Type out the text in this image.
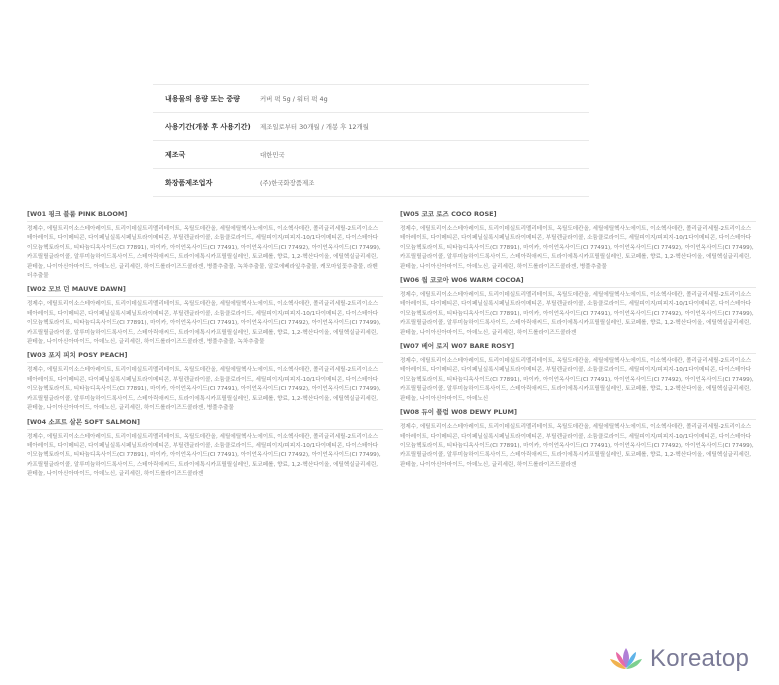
내용물의 용량 또는 중량	커버 퍽 5g / 워터 퍽 4g
사용기간(개봉 후 사용기간)	제조일로부터 30개월 / 개봉 후 12개월
제조국	대한민국
화장품제조업자	(주)한국화장품제조

[W01 핑크 블룸 PINK BLOOM]

정제수, 에틸트리이소스테아레이트, 트리이데실트리멜리테이트, 옥틸도데칸올, 세틸에틸헥사노에이트, 이소헥사데칸, 폴리글리세릴-2트리이소스테아레이트, 다이메티콘, 다이페닐실록시페닐트라이메티콘, 부틸렌글라이콜, 소듐클로라이드, 세틸피이지/피피지-10/1다이메티콘, 다이스테아다이모늄헥토라이트, 티타늄디옥사이드(CI 77891), 마이카, 아이언옥사이드(CI 77491), 아이언옥사이드(CI 77492), 아이언옥사이드(CI 77499), 카프릴릴글라이콜, 알루미늄하이드록사이드, 스테아릭애씨드, 트라이에톡시카프릴릴실레인, 토코페롤, 향료, 1,2-헥산다이올, 에틸헥실글리세린, 판테놀, 나이아신아마이드, 아데노신, 글리세린, 하이드롤라이즈드콜라겐, 병풀추출물, 녹차추출물, 알로에베라잎추출물, 캐모마일꽃추출물, 라벤더추출물

[W02 모브 던 MAUVE DAWN]

정제수, 에틸트리이소스테아레이트, 트리이데실트리멜리테이트, 옥틸도데칸올, 세틸에틸헥사노에이트, 이소헥사데칸, 폴리글리세릴-2트리이소스테아레이트, 다이메티콘, 다이페닐실록시페닐트라이메티콘, 부틸렌글라이콜, 소듐클로라이드, 세틸피이지/피피지-10/1다이메티콘, 다이스테아다이모늄헥토라이트, 티타늄디옥사이드(CI 77891), 마이카, 아이언옥사이드(CI 77491), 아이언옥사이드(CI 77492), 아이언옥사이드(CI 77499), 카프릴릴글라이콜, 알루미늄하이드록사이드, 스테아릭애씨드, 트라이에톡시카프릴릴실레인, 토코페롤, 향료, 1,2-헥산다이올, 에틸헥실글리세린, 판테놀, 나이아신아마이드, 아데노신, 글리세린, 하이드롤라이즈드콜라겐, 병풀추출물, 녹차추출물

[W03 포지 피치 POSY PEACH]

정제수, 에틸트리이소스테아레이트, 트리이데실트리멜리테이트, 옥틸도데칸올, 세틸에틸헥사노에이트, 이소헥사데칸, 폴리글리세릴-2트리이소스테아레이트, 다이메티콘, 다이페닐실록시페닐트라이메티콘, 부틸렌글라이콜, 소듐클로라이드, 세틸피이지/피피지-10/1다이메티콘, 다이스테아다이모늄헥토라이트, 티타늄디옥사이드(CI 77891), 마이카, 아이언옥사이드(CI 77491), 아이언옥사이드(CI 77492), 아이언옥사이드(CI 77499), 카프릴릴글라이콜, 알루미늄하이드록사이드, 스테아릭애씨드, 트라이에톡시카프릴릴실레인, 토코페롤, 향료, 1,2-헥산다이올, 에틸헥실글리세린, 판테놀, 나이아신아마이드, 아데노신, 글리세린, 하이드롤라이즈드콜라겐, 병풀추출물

[W04 소프트 살몬 SOFT SALMON]

정제수, 에틸트리이소스테아레이트, 트리이데실트리멜리테이트, 옥틸도데칸올, 세틸에틸헥사노에이트, 이소헥사데칸, 폴리글리세릴-2트리이소스테아레이트, 다이메티콘, 다이페닐실록시페닐트라이메티콘, 부틸렌글라이콜, 소듐클로라이드, 세틸피이지/피피지-10/1다이메티콘, 다이스테아다이모늄헥토라이트, 티타늄디옥사이드(CI 77891), 마이카, 아이언옥사이드(CI 77491), 아이언옥사이드(CI 77492), 아이언옥사이드(CI 77499), 카프릴릴글라이콜, 알루미늄하이드록사이드, 스테아릭애씨드, 트라이에톡시카프릴릴실레인, 토코페롤, 향료, 1,2-헥산다이올, 에틸헥실글리세린, 판테놀, 나이아신아마이드, 아데노신, 글리세린, 하이드롤라이즈드콜라겐

[W05 코코 로즈 COCO ROSE]

정제수, 에틸트리이소스테아레이트, 트리이데실트리멜리테이트, 옥틸도데칸올, 세틸에틸헥사노에이트, 이소헥사데칸, 폴리글리세릴-2트리이소스테아레이트, 다이메티콘, 다이페닐실록시페닐트라이메티콘, 부틸렌글라이콜, 소듐클로라이드, 세틸피이지/피피지-10/1다이메티콘, 다이스테아다이모늄헥토라이트, 티타늄디옥사이드(CI 77891), 마이카, 아이언옥사이드(CI 77491), 아이언옥사이드(CI 77492), 아이언옥사이드(CI 77499), 카프릴릴글라이콜, 알루미늄하이드록사이드, 스테아릭애씨드, 트라이에톡시카프릴릴실레인, 토코페롤, 향료, 1,2-헥산다이올, 에틸헥실글리세린, 판테놀, 나이아신아마이드, 아데노신, 글리세린, 하이드롤라이즈드콜라겐, 병풀추출물

[W06 웜 코코아 W06 WARM COCOA]

정제수, 에틸트리이소스테아레이트, 트리이데실트리멜리테이트, 옥틸도데칸올, 세틸에틸헥사노에이트, 이소헥사데칸, 폴리글리세릴-2트리이소스테아레이트, 다이메티콘, 다이페닐실록시페닐트라이메티콘, 부틸렌글라이콜, 소듐클로라이드, 세틸피이지/피피지-10/1다이메티콘, 다이스테아다이모늄헥토라이트, 티타늄디옥사이드(CI 77891), 마이카, 아이언옥사이드(CI 77491), 아이언옥사이드(CI 77492), 아이언옥사이드(CI 77499), 카프릴릴글라이콜, 알루미늄하이드록사이드, 스테아릭애씨드, 트라이에톡시카프릴릴실레인, 토코페롤, 향료, 1,2-헥산다이올, 에틸헥실글리세린, 판테놀, 나이아신아마이드, 아데노신, 글리세린, 하이드롤라이즈드콜라겐

[W07 베어 로지 W07 BARE ROSY]

정제수, 에틸트리이소스테아레이트, 트리이데실트리멜리테이트, 옥틸도데칸올, 세틸에틸헥사노에이트, 이소헥사데칸, 폴리글리세릴-2트리이소스테아레이트, 다이메티콘, 다이페닐실록시페닐트라이메티콘, 부틸렌글라이콜, 소듐클로라이드, 세틸피이지/피피지-10/1다이메티콘, 다이스테아다이모늄헥토라이트, 티타늄디옥사이드(CI 77891), 마이카, 아이언옥사이드(CI 77491), 아이언옥사이드(CI 77492), 아이언옥사이드(CI 77499), 카프릴릴글라이콜, 알루미늄하이드록사이드, 스테아릭애씨드, 트라이에톡시카프릴릴실레인, 토코페롤, 향료, 1,2-헥산다이올, 에틸헥실글리세린, 판테놀, 나이아신아마이드, 아데노신

[W08 듀이 플럼 W08 DEWY PLUM]

정제수, 에틸트리이소스테아레이트, 트리이데실트리멜리테이트, 옥틸도데칸올, 세틸에틸헥사노에이트, 이소헥사데칸, 폴리글리세릴-2트리이소스테아레이트, 다이메티콘, 다이페닐실록시페닐트라이메티콘, 부틸렌글라이콜, 소듐클로라이드, 세틸피이지/피피지-10/1다이메티콘, 다이스테아다이모늄헥토라이트, 티타늄디옥사이드(CI 77891), 마이카, 아이언옥사이드(CI 77491), 아이언옥사이드(CI 77492), 아이언옥사이드(CI 77499), 카프릴릴글라이콜, 알루미늄하이드록사이드, 스테아릭애씨드, 트라이에톡시카프릴릴실레인, 토코페롤, 향료, 1,2-헥산다이올, 에틸헥실글리세린, 판테놀, 나이아신아마이드, 아데노신, 글리세린, 하이드롤라이즈드콜라겐

Koreatop
